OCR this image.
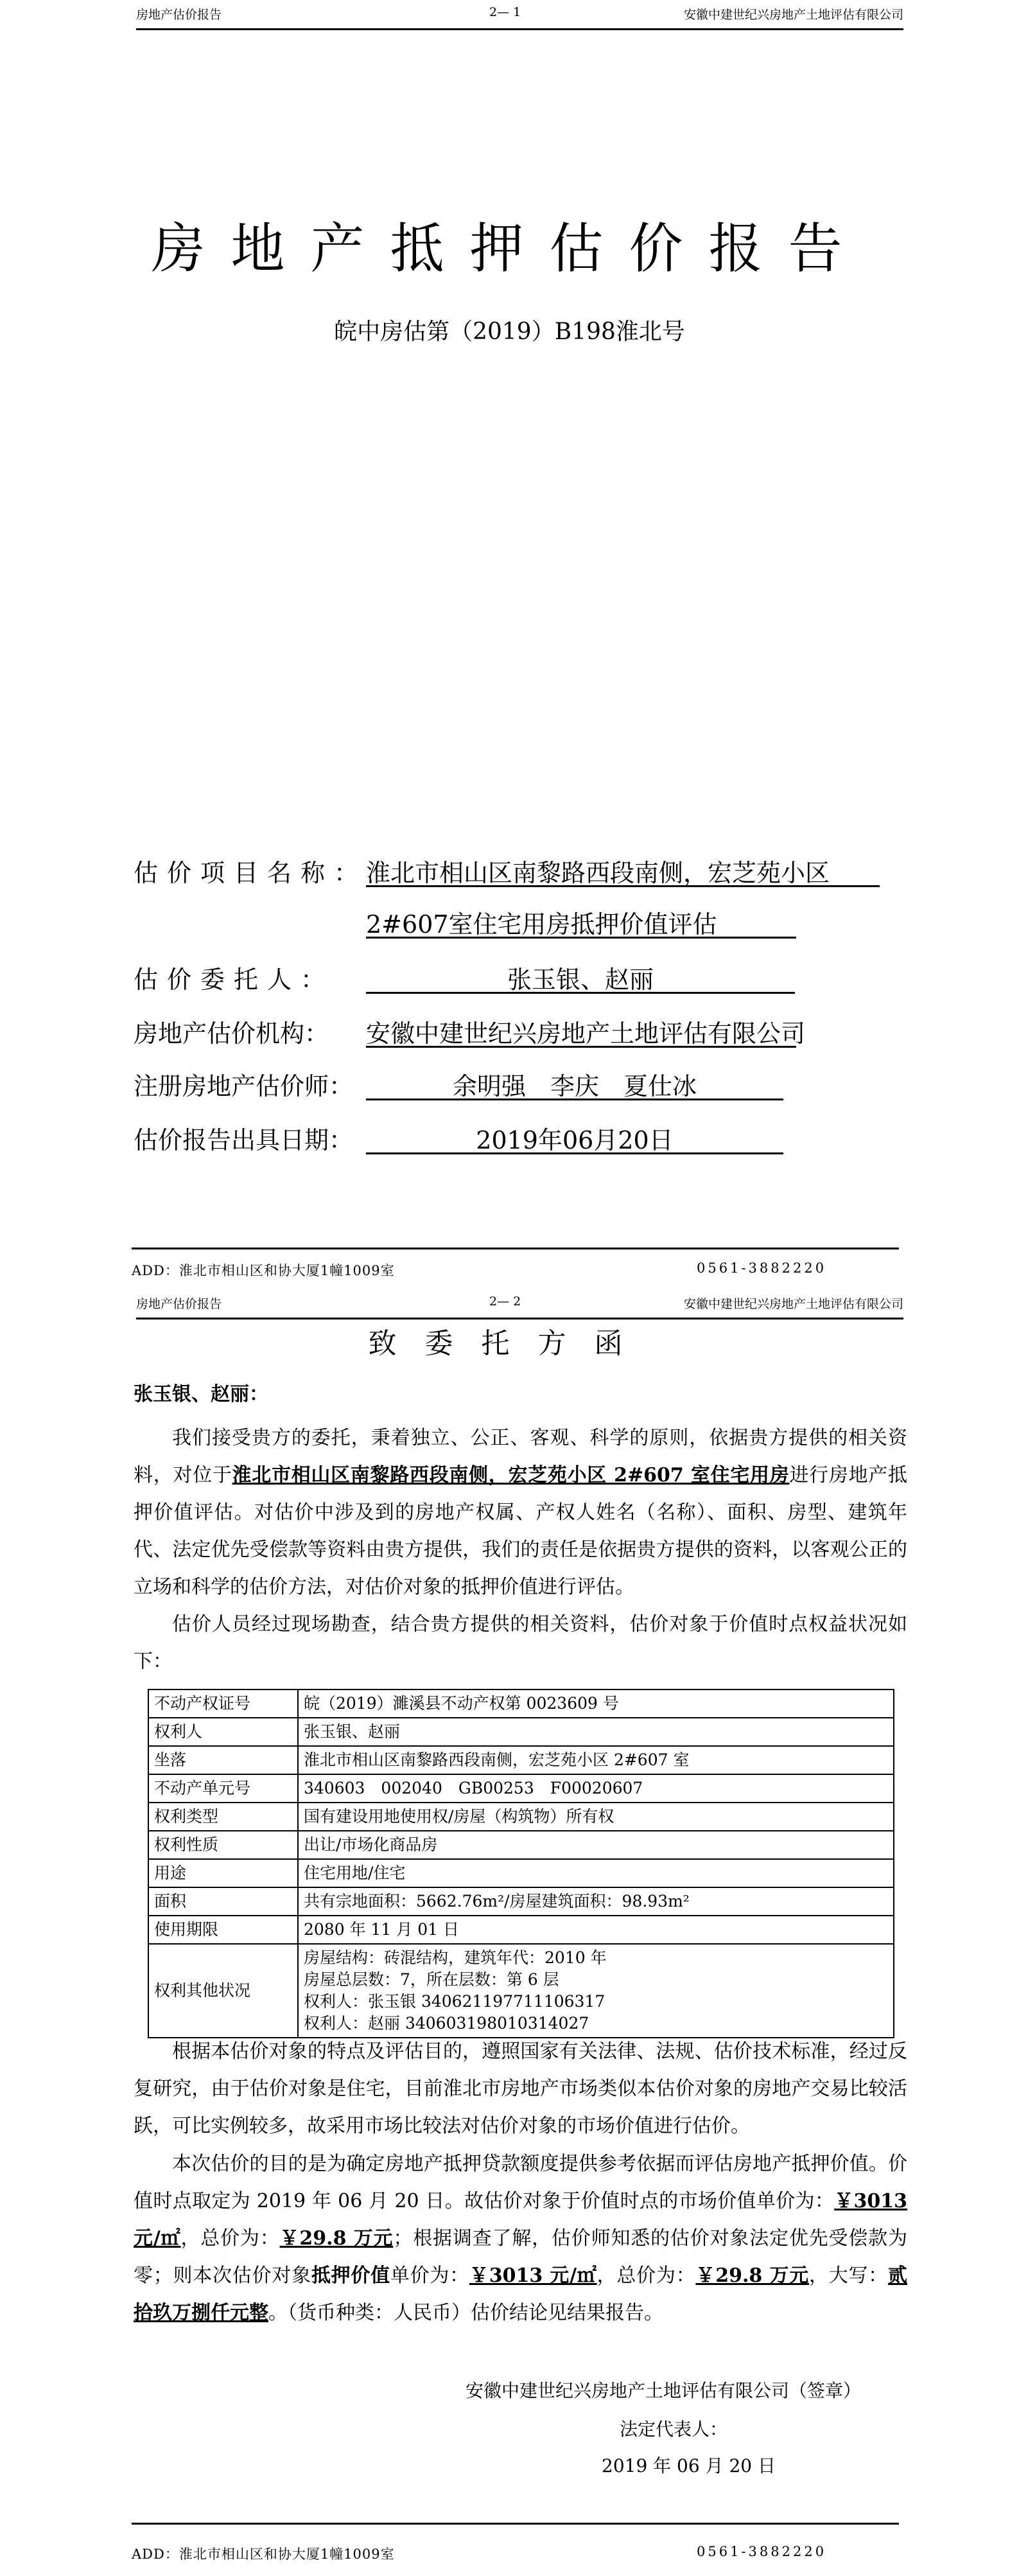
房地产估价报告	2— 1	安徽中建世纪兴房地产土地评估有限公司
房地产抵押估价报告
皖中房估第（2019）B198淮北号
估价项目名称：
淮北市相山区南黎路西段南侧，宏芝苑小区
2#607室住宅用房抵押价值评估
估价委托人：	张玉银、赵丽
房地产估价机构： 安徽中建世纪兴房地产土地评估有限公司
注册房地产估价师：	余明强　李庆　夏仕冰
估价报告出具日期：	2019年06月20日
ADD：淮北市相山区和协大厦1幢1009室	0561-3882220
房地产估价报告	2— 2	安徽中建世纪兴房地产土地评估有限公司
致委托方函
张玉银、赵丽：
我们接受贵方的委托，秉着独立、公正、客观、科学的原则，依据贵方提供的相关资料，对位于淮北市相山区南黎路西段南侧，宏芝苑小区 2#607 室住宅用房进行房地产抵押价值评估。对估价中涉及到的房地产权属、产权人姓名（名称）、面积、房型、建筑年代、法定优先受偿款等资料由贵方提供，我们的责任是依据贵方提供的资料，以客观公正的立场和科学的估价方法，对估价对象的抵押价值进行评估。
估价人员经过现场勘查，结合贵方提供的相关资料，估价对象于价值时点权益状况如下：
不动产权证号	皖（2019）濉溪县不动产权第 0023609 号
权利人	张玉银、赵丽
坐落	淮北市相山区南黎路西段南侧，宏芝苑小区 2#607 室
不动产单元号	340603　002040　GB00253　F00020607
权利类型	国有建设用地使用权/房屋（构筑物）所有权
权利性质	出让/市场化商品房
用途	住宅用地/住宅
面积	共有宗地面积：5662.76m²/房屋建筑面积：98.93m²
使用期限	2080 年 11 月 01 日
权利其他状况	房屋结构：砖混结构，建筑年代：2010 年
房屋总层数：7，所在层数：第 6 层
权利人：张玉银 340621197711106317
权利人：赵丽 340603198010314027
根据本估价对象的特点及评估目的，遵照国家有关法律、法规、估价技术标准，经过反复研究，由于估价对象是住宅，目前淮北市房地产市场类似本估价对象的房地产交易比较活跃，可比实例较多，故采用市场比较法对估价对象的市场价值进行估价。
本次估价的目的是为确定房地产抵押贷款额度提供参考依据而评估房地产抵押价值。价值时点取定为 2019 年 06 月 20 日。故估价对象于价值时点的市场价值单价为：￥3013 元/㎡，总价为：￥29.8 万元；根据调查了解，估价师知悉的估价对象法定优先受偿款为零；则本次估价对象抵押价值单价为：￥3013 元/㎡，总价为：￥29.8 万元，大写：贰拾玖万捌仟元整。（货币种类：人民币）估价结论见结果报告。
安徽中建世纪兴房地产土地评估有限公司（签章）
法定代表人：
2019 年 06 月 20 日
ADD：淮北市相山区和协大厦1幢1009室	0561-3882220
